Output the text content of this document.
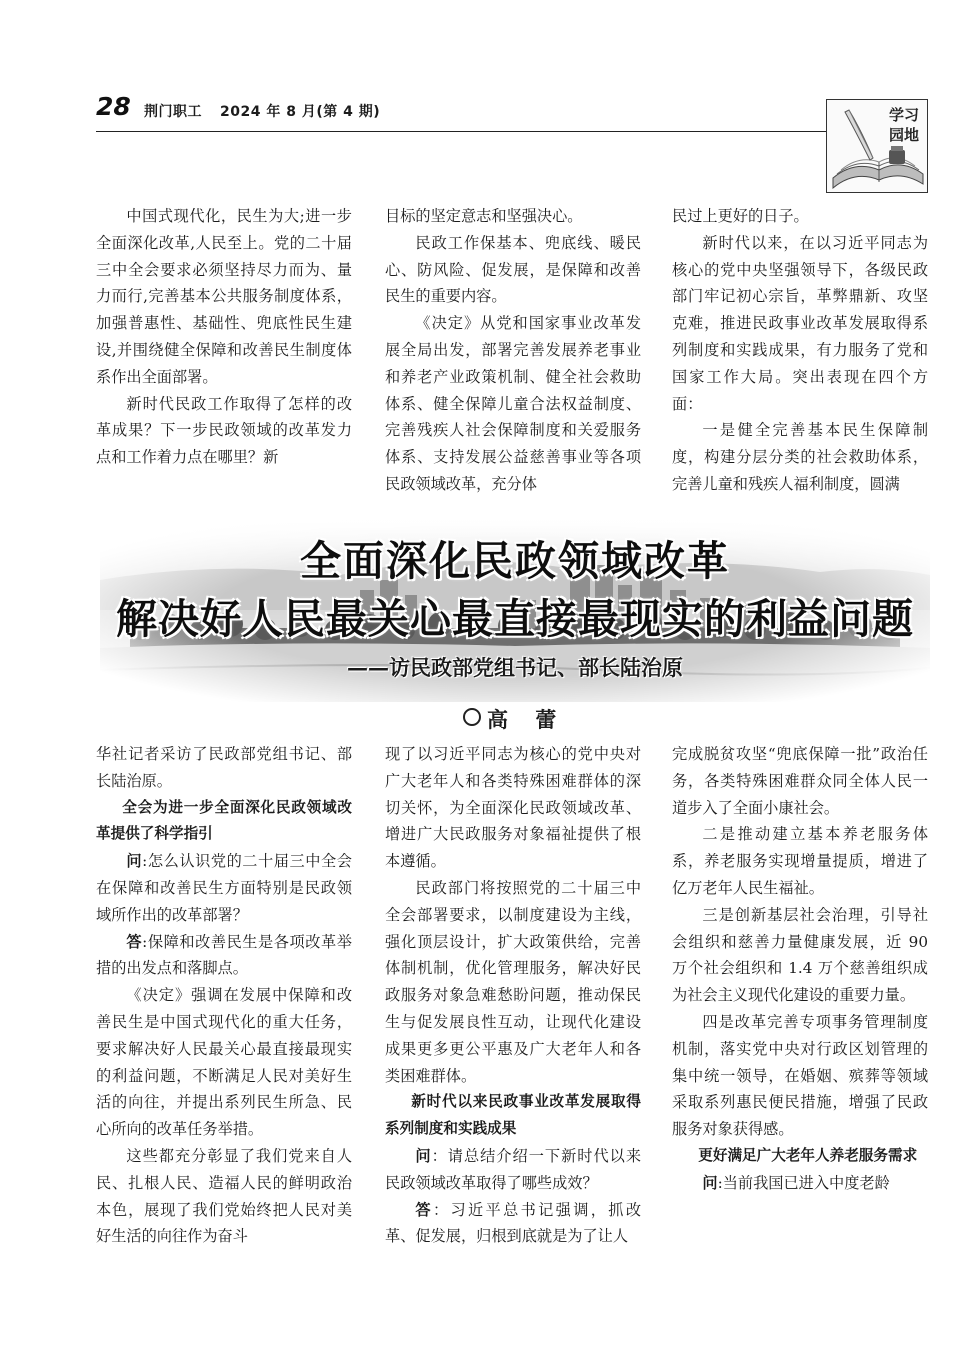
28 荆门职工 2024 年 8 月(第 4 期)	学习
园地

中国式现代化，民生为大;进一步全面深化改革,人民至上。党的二十届三中全会要求必须坚持尽力而为、量力而行,完善基本公共服务制度体系，加强普惠性、基础性、兜底性民生建设,并围绕健全保障和改善民生制度体系作出全面部署。

新时代民政工作取得了怎样的改革成果？下一步民政领域的改革发力点和工作着力点在哪里？新

目标的坚定意志和坚强决心。

民政工作保基本、兜底线、暖民心、防风险、促发展，是保障和改善民生的重要内容。

《决定》从党和国家事业改革发展全局出发，部署完善发展养老事业和养老产业政策机制、健全社会救助体系、健全保障儿童合法权益制度、完善残疾人社会保障制度和关爱服务体系、支持发展公益慈善事业等各项民政领域改革，充分体

民过上更好的日子。

新时代以来，在以习近平同志为核心的党中央坚强领导下，各级民政部门牢记初心宗旨，革弊鼎新、攻坚克难，推进民政事业改革发展取得系列制度和实践成果，有力服务了党和国家工作大局。突出表现在四个方面：

一是健全完善基本民生保障制度，构建分层分类的社会救助体系，完善儿童和残疾人福利制度，圆满

全面深化民政领域改革
解决好人民最关心最直接最现实的利益问题
——访民政部党组书记、部长陆治原
高 蕾

华社记者采访了民政部党组书记、部长陆治原。

全会为进一步全面深化民政领域改革提供了科学指引

问:怎么认识党的二十届三中全会在保障和改善民生方面特别是民政领域所作出的改革部署？

答:保障和改善民生是各项改革举措的出发点和落脚点。

《决定》强调在发展中保障和改善民生是中国式现代化的重大任务，要求解决好人民最关心最直接最现实的利益问题，不断满足人民对美好生活的向往，并提出系列民生所急、民心所向的改革任务举措。

这些都充分彰显了我们党来自人民、扎根人民、造福人民的鲜明政治本色，展现了我们党始终把人民对美好生活的向往作为奋斗

现了以习近平同志为核心的党中央对广大老年人和各类特殊困难群体的深切关怀，为全面深化民政领域改革、增进广大民政服务对象福祉提供了根本遵循。

民政部门将按照党的二十届三中全会部署要求，以制度建设为主线，强化顶层设计，扩大政策供给，完善体制机制，优化管理服务，解决好民政服务对象急难愁盼问题，推动保民生与促发展良性互动，让现代化建设成果更多更公平惠及广大老年人和各类困难群体。

新时代以来民政事业改革发展取得系列制度和实践成果

问：请总结介绍一下新时代以来民政领域改革取得了哪些成效？

答：习近平总书记强调，抓改革、促发展，归根到底就是为了让人

完成脱贫攻坚“兜底保障一批”政治任务，各类特殊困难群众同全体人民一道步入了全面小康社会。

二是推动建立基本养老服务体系，养老服务实现增量提质，增进了亿万老年人民生福祉。

三是创新基层社会治理，引导社会组织和慈善力量健康发展，近 90 万个社会组织和 1.4 万个慈善组织成为社会主义现代化建设的重要力量。

四是改革完善专项事务管理制度机制，落实党中央对行政区划管理的集中统一领导，在婚姻、殡葬等领域采取系列惠民便民措施，增强了民政服务对象获得感。

更好满足广大老年人养老服务需求

问:当前我国已进入中度老龄
